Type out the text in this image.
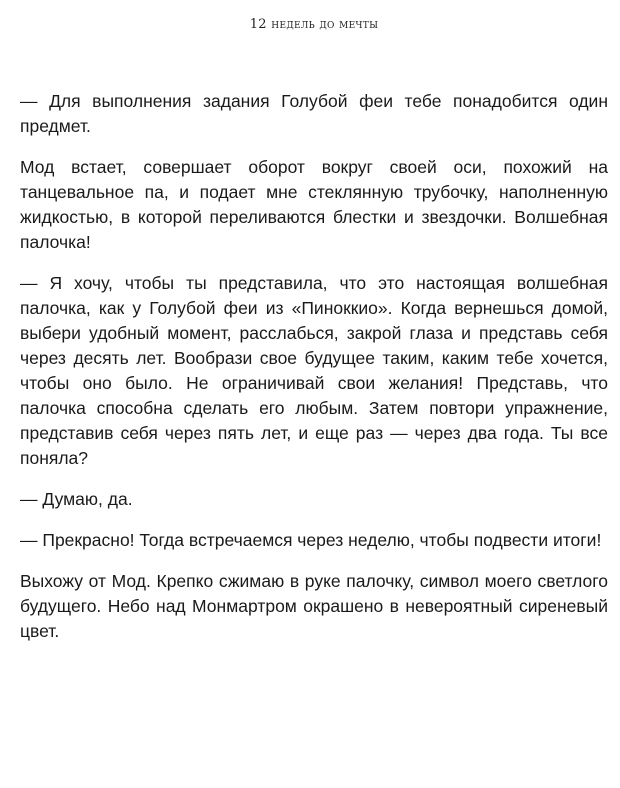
12 недель до мечты

— Для выполнения задания Голубой феи тебе понадобится один предмет.

Мод встает, совершает оборот вокруг своей оси, похожий на танцевальное па, и подает мне стеклянную трубочку, наполненную жидкостью, в которой переливаются блестки и звездочки. Волшебная палочка!

— Я хочу, чтобы ты представила, что это настоящая волшебная палочка, как у Голубой феи из «Пиноккио». Когда вернешься домой, выбери удобный момент, расслабься, закрой глаза и представь себя через десять лет. Вообрази свое будущее таким, каким тебе хочется, чтобы оно было. Не ограничивай свои желания! Представь, что палочка способна сделать его любым. Затем повтори упражнение, представив себя через пять лет, и еще раз — через два года. Ты все поняла?

— Думаю, да.

— Прекрасно! Тогда встречаемся через неделю, чтобы подвести итоги!

Выхожу от Мод. Крепко сжимаю в руке палочку, символ моего светлого будущего. Небо над Монмартром окрашено в невероятный сиреневый цвет.
